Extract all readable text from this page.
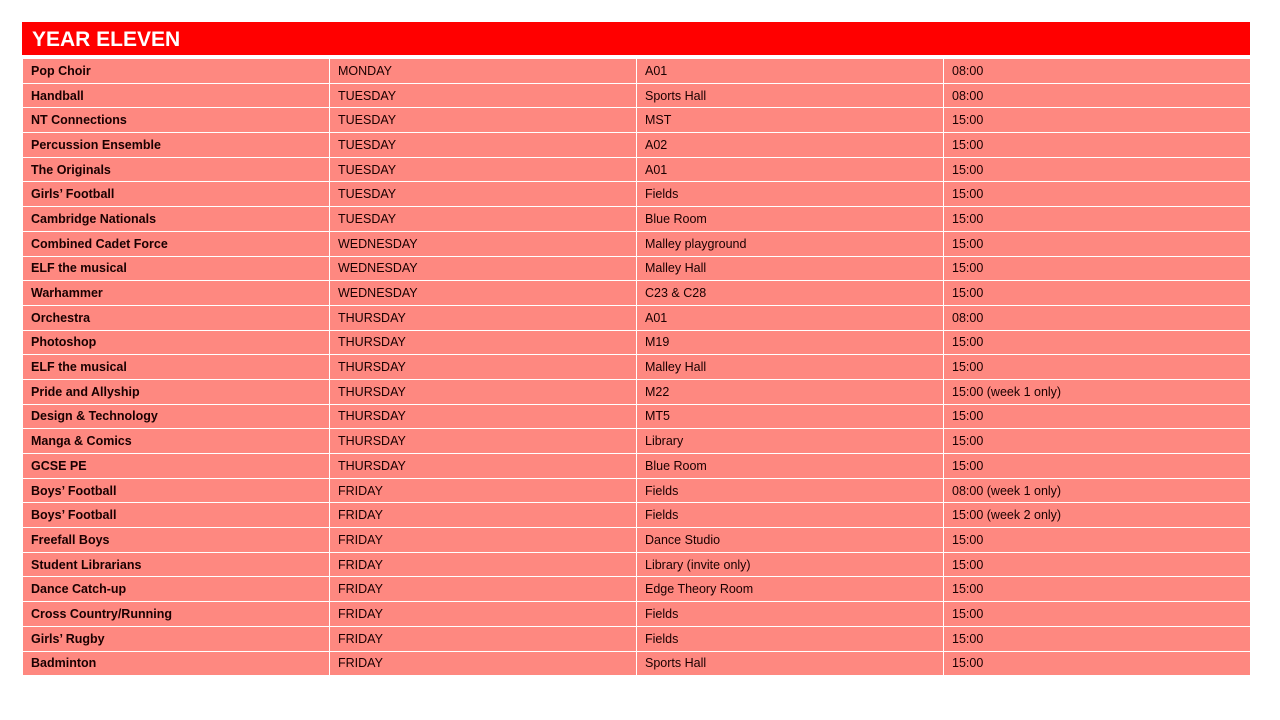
YEAR ELEVEN
Pop Choir	MONDAY	A01	08:00
Handball	TUESDAY	Sports Hall	08:00
NT Connections	TUESDAY	MST	15:00
Percussion Ensemble	TUESDAY	A02	15:00
The Originals	TUESDAY	A01	15:00
Girls’ Football	TUESDAY	Fields	15:00
Cambridge Nationals	TUESDAY	Blue Room	15:00
Combined Cadet Force	WEDNESDAY	Malley playground	15:00
ELF the musical	WEDNESDAY	Malley Hall	15:00
Warhammer	WEDNESDAY	C23 & C28	15:00
Orchestra	THURSDAY	A01	08:00
Photoshop	THURSDAY	M19	15:00
ELF the musical	THURSDAY	Malley Hall	15:00
Pride and Allyship	THURSDAY	M22	15:00 (week 1 only)
Design & Technology	THURSDAY	MT5	15:00
Manga & Comics	THURSDAY	Library	15:00
GCSE PE	THURSDAY	Blue Room	15:00
Boys’ Football	FRIDAY	Fields	08:00 (week 1 only)
Boys’ Football	FRIDAY	Fields	15:00 (week 2 only)
Freefall Boys	FRIDAY	Dance Studio	15:00
Student Librarians	FRIDAY	Library (invite only)	15:00
Dance Catch-up	FRIDAY	Edge Theory Room	15:00
Cross Country/Running	FRIDAY	Fields	15:00
Girls’ Rugby	FRIDAY	Fields	15:00
Badminton	FRIDAY	Sports Hall	15:00
